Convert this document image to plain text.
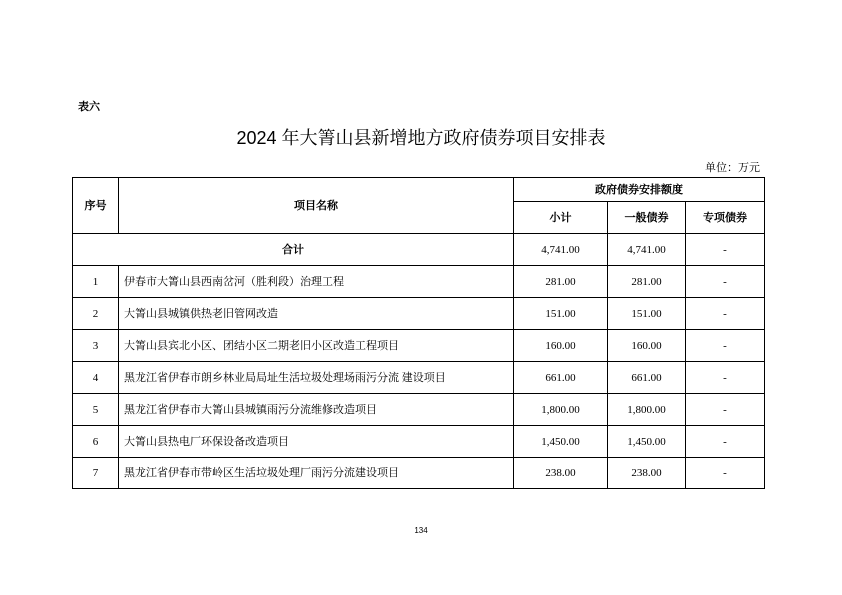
表六
2024 年大箐山县新增地方政府债券项目安排表
单位：万元
序号	项目名称	政府债券安排额度		
		小计	一般债券	专项债券
合计		4,741.00	4,741.00	-
1	伊春市大箐山县西南岔河（胜利段）治理工程	281.00	281.00	-
2	大箐山县城镇供热老旧管网改造	151.00	151.00	-
3	大箐山县宾北小区、团结小区二期老旧小区改造工程项目	160.00	160.00	-
4	黑龙江省伊春市朗乡林业局局址生活垃圾处理场雨污分流 建设项目	661.00	661.00	-
5	黑龙江省伊春市大箐山县城镇雨污分流维修改造项目	1,800.00	1,800.00	-
6	大箐山县热电厂环保设备改造项目	1,450.00	1,450.00	-
7	黑龙江省伊春市带岭区生活垃圾处理厂雨污分流建设项目	238.00	238.00	-
134
